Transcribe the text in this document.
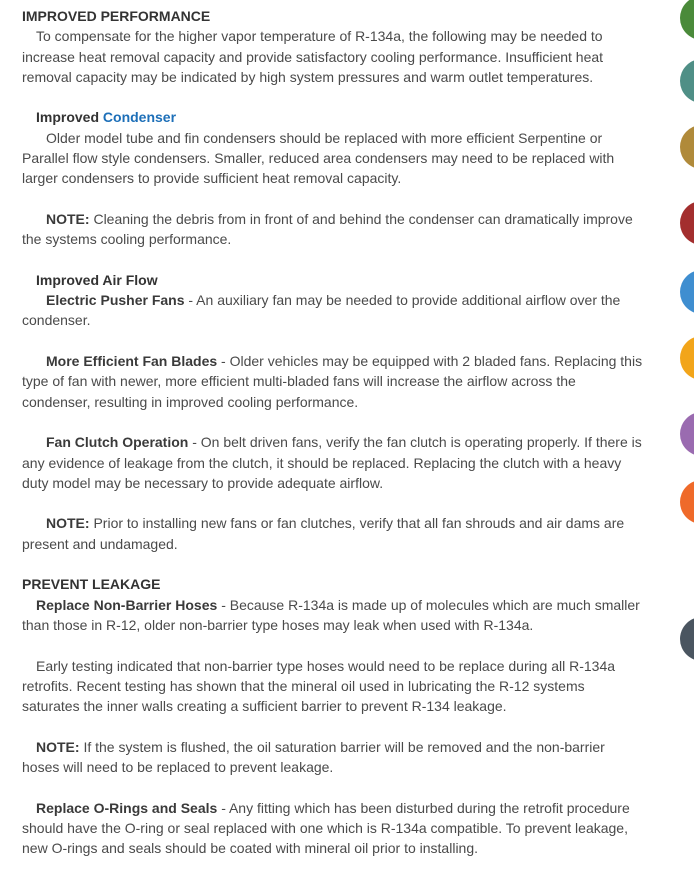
IMPROVED PERFORMANCE

To compensate for the higher vapor temperature of R-134a, the following may be needed to increase heat removal capacity and provide satisfactory cooling performance. Insufficient heat removal capacity may be indicated by high system pressures and warm outlet temperatures.

Improved Condenser

Older model tube and fin condensers should be replaced with more efficient Serpentine or Parallel flow style condensers. Smaller, reduced area condensers may need to be replaced with larger condensers to provide sufficient heat removal capacity.

NOTE: Cleaning the debris from in front of and behind the condenser can dramatically improve the systems cooling performance.

Improved Air Flow

Electric Pusher Fans - An auxiliary fan may be needed to provide additional airflow over the condenser.

More Efficient Fan Blades - Older vehicles may be equipped with 2 bladed fans. Replacing this type of fan with newer, more efficient multi-bladed fans will increase the airflow across the condenser, resulting in improved cooling performance.

Fan Clutch Operation - On belt driven fans, verify the fan clutch is operating properly. If there is any evidence of leakage from the clutch, it should be replaced. Replacing the clutch with a heavy duty model may be necessary to provide adequate airflow.

NOTE: Prior to installing new fans or fan clutches, verify that all fan shrouds and air dams are present and undamaged.

PREVENT LEAKAGE

Replace Non-Barrier Hoses - Because R-134a is made up of molecules which are much smaller than those in R-12, older non-barrier type hoses may leak when used with R-134a.

Early testing indicated that non-barrier type hoses would need to be replace during all R-134a retrofits. Recent testing has shown that the mineral oil used in lubricating the R-12 systems saturates the inner walls creating a sufficient barrier to prevent R-134 leakage.

NOTE: If the system is flushed, the oil saturation barrier will be removed and the non-barrier hoses will need to be replaced to prevent leakage.

Replace O-Rings and Seals - Any fitting which has been disturbed during the retrofit procedure should have the O-ring or seal replaced with one which is R-134a compatible. To prevent leakage, new O-rings and seals should be coated with mineral oil prior to installing.
